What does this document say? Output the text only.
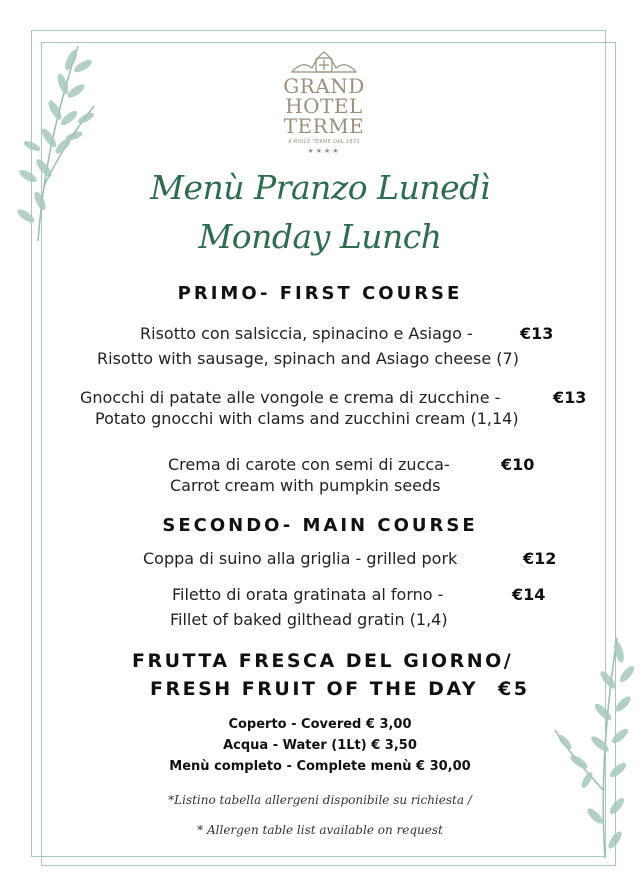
GRAND
HOTEL
TERME
A RIOLO TERME DAL 1870
★★★★
Menù Pranzo Lunedì
Monday Lunch
PRIMO- FIRST COURSE
Risotto con salsiccia, spinacino e Asiago -	€13
Risotto with sausage, spinach and Asiago cheese (7)
Gnocchi di patate alle vongole e crema di zucchine -	€13
Potato gnocchi with clams and zucchini cream (1,14)
Crema di carote con semi di zucca-	€10
Carrot cream with pumpkin seeds
SECONDO- MAIN COURSE
Coppa di suino alla griglia - grilled pork	€12
Filetto di orata gratinata al forno -	€14
Fillet of baked gilthead gratin (1,4)
FRUTTA FRESCA DEL GIORNO/
FRESH FRUIT OF THE DAY €5
Coperto - Covered € 3,00
Acqua - Water (1Lt) € 3,50
Menù completo - Complete menù € 30,00
*Listino tabella allergeni disponibile su richiesta /
* Allergen table list available on request
